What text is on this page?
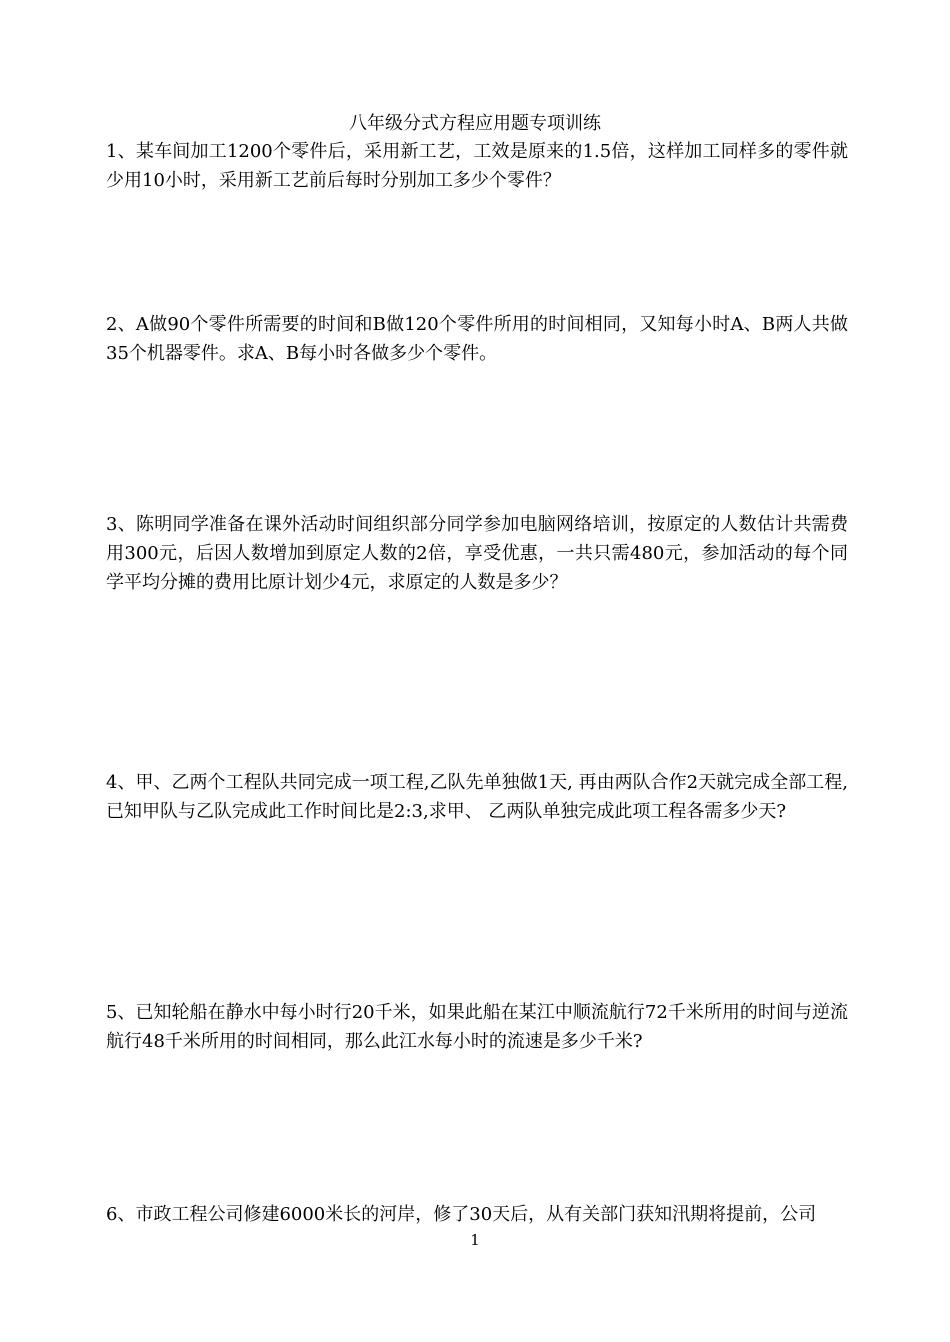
八年级分式方程应用题专项训练
1、某车间加工1200个零件后，采用新工艺，工效是原来的1.5倍，这样加工同样多的零件就少用10小时，采用新工艺前后每时分别加工多少个零件？
2、A做90个零件所需要的时间和B做120个零件所用的时间相同，又知每小时A、B两人共做35个机器零件。求A、B每小时各做多少个零件。
3、陈明同学准备在课外活动时间组织部分同学参加电脑网络培训，按原定的人数估计共需费用300元，后因人数增加到原定人数的2倍，享受优惠，一共只需480元，参加活动的每个同学平均分摊的费用比原计划少4元，求原定的人数是多少？
4、甲、乙两个工程队共同完成一项工程,乙队先单独做1天, 再由两队合作2天就完成全部工程,已知甲队与乙队完成此工作时间比是2:3,求甲、 乙两队单独完成此项工程各需多少天?
5、已知轮船在静水中每小时行20千米，如果此船在某江中顺流航行72千米所用的时间与逆流航行48千米所用的时间相同，那么此江水每小时的流速是多少千米?
6、市政工程公司修建6000米长的河岸，修了30天后，从有关部门获知汛期将提前，公司
1
